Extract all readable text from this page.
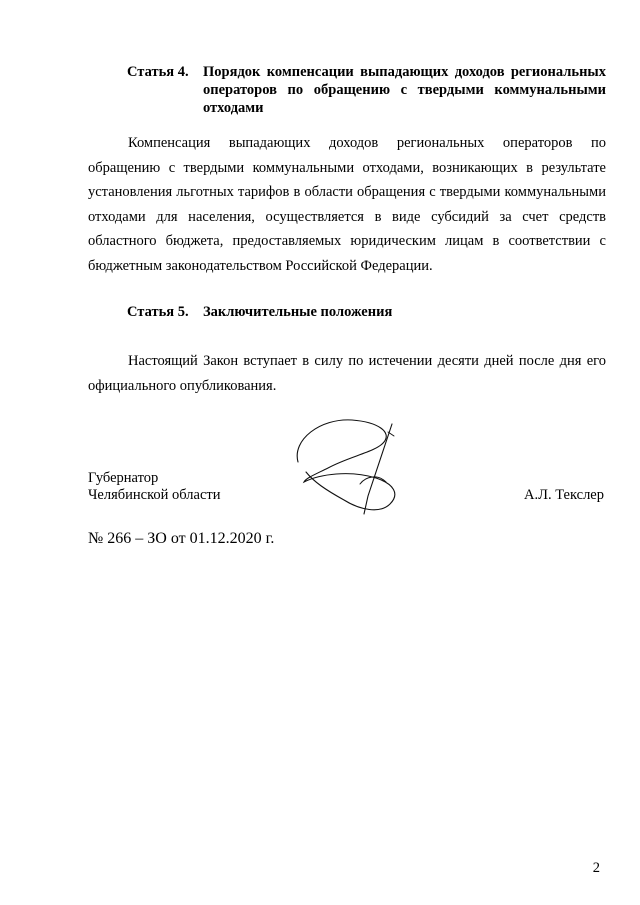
Статья 4. Порядок компенсации выпадающих доходов региональных операторов по обращению с твердыми коммунальными отходами
Компенсация выпадающих доходов региональных операторов по обращению с твердыми коммунальными отходами, возникающих в результате установления льготных тарифов в области обращения с твердыми коммунальными отходами для населения, осуществляется в виде субсидий за счет средств областного бюджета, предоставляемых юридическим лицам в соответствии с бюджетным законодательством Российской Федерации.
Статья 5. Заключительные положения
Настоящий Закон вступает в силу по истечении десяти дней после дня его официального опубликования.
Губернатор
Челябинской области	А.Л. Текслер
№ 266 – ЗО от 01.12.2020 г.
2
